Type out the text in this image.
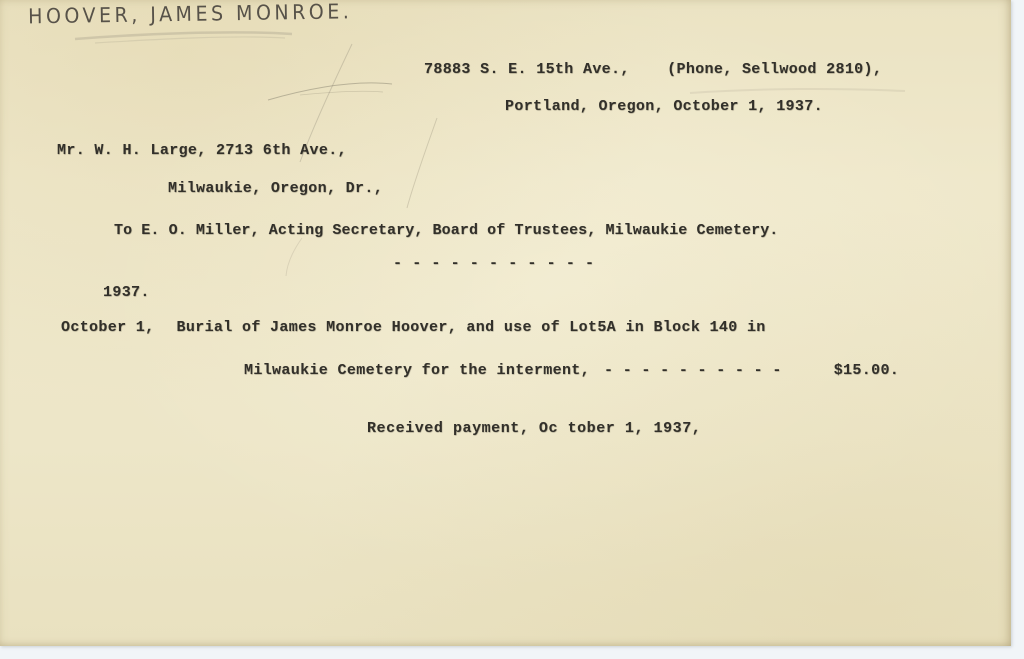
HOOVER, JAMES MONROE.
78883 S. E. 15th Ave.,    (Phone, Sellwood 2810),
Portland, Oregon, October 1, 1937.
Mr. W. H. Large, 2713 6th Ave.,
Milwaukie, Oregon, Dr.,
To E. O. Miller, Acting Secretary, Board of Trustees, Milwaukie Cemetery.
- - - - - - - - - - -
1937.
October 1, Burial of James Monroe Hoover, and use of Lot5A in Block 140 in
Milwaukie Cemetery for the interment, - - - - - - - - - -	$15.00.
Received payment, Oc tober 1, 1937,
